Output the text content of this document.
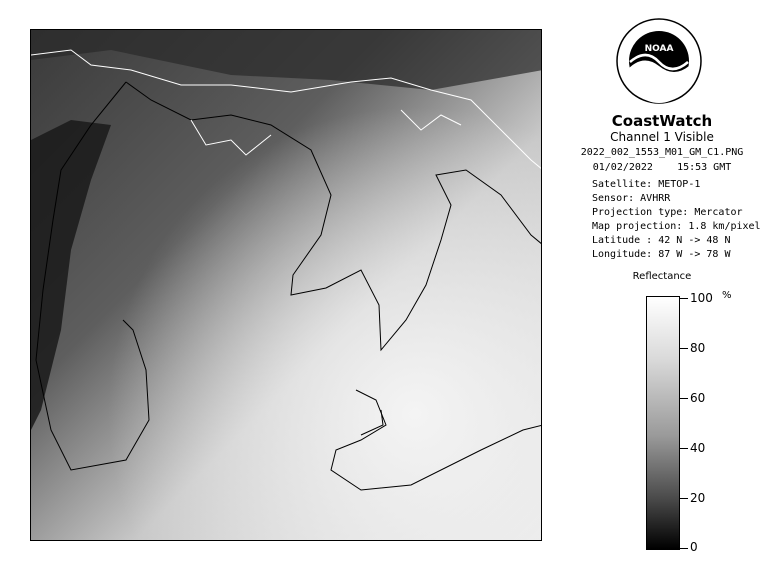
NOAA
CoastWatch
Channel 1 Visible
2022_002_1553_M01_GM_C1.PNG
01/02/2022 15:53 GMT
Satellite: METOP-1
Sensor: AVHRR
Projection type: Mercator
Map projection: 1.8 km/pixel
Latitude : 42 N -> 48 N
Longitude: 87 W -> 78 W
Reflectance
%
100
80
60
40
20
0
